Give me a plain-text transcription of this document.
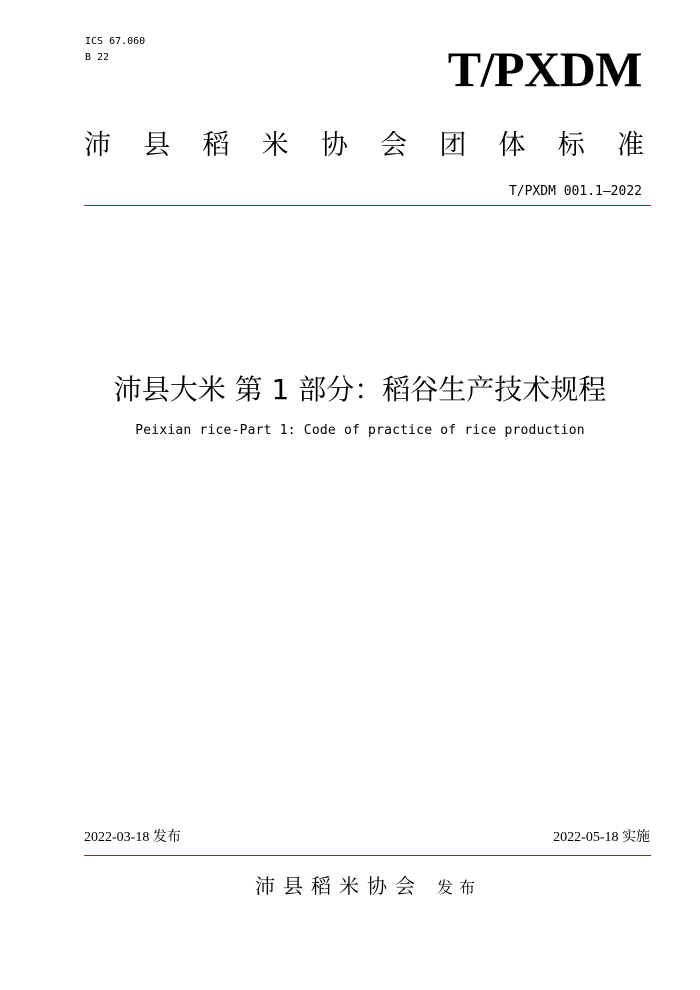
ICS 67.060
B 22	T/PXDM
沛 县 稻 米 协 会 团 体 标 准
T/PXDM 001.1—2022
沛县大米 第 1 部分：稻谷生产技术规程
Peixian rice-Part 1: Code of practice of rice production
2022-03-18 发布	2022-05-18 实施
沛县稻米协会 发布
